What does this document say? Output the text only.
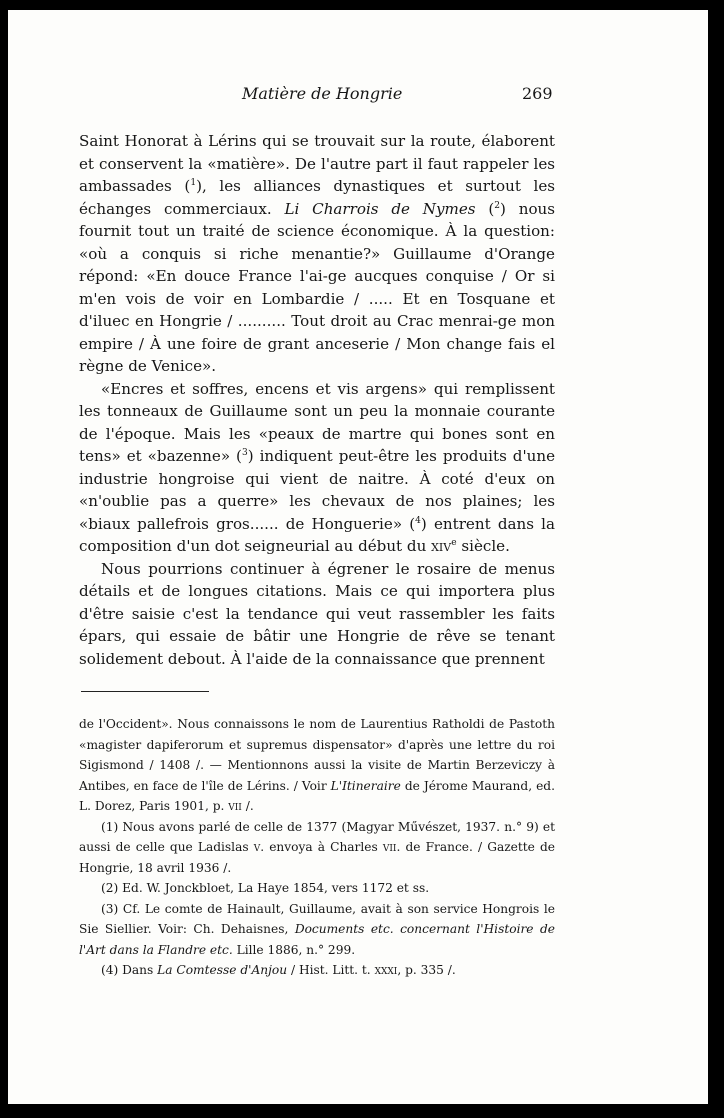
Matière de Hongrie	269

Saint Honorat à Lérins qui se trouvait sur la route, élaborent et conservent la «matière». De l'autre part il faut rappeler les ambassades ($^1$), les alliances dynastiques et surtout les échanges commerciaux. Li Charrois de Nymes ($^2$) nous fournit tout un traité de science économique. À la question: «où a conquis si riche menantie?» Guillaume d'Orange répond: «En douce France l'ai-ge aucques conquise / Or si m'en vois de voir en Lombardie / ..... Et en Tosquane et d'iluec en Hongrie / .......... Tout droit au Crac menrai-ge mon empire / À une foire de grant anceserie / Mon change fais el règne de Venice».

«Encres et soffres, encens et vis argens» qui remplissent les tonneaux de Guillaume sont un peu la monnaie courante de l'époque. Mais les «peaux de martre qui bones sont en tens» et «bazenne» ($^3$) indiquent peut-être les produits d'une industrie hongroise qui vient de naitre. À coté d'eux on «n'oublie pas a querre» les chevaux de nos plaines; les «biaux pallefrois gros...... de Honguerie» ($^4$) entrent dans la composition d'un dot seigneurial au début du xiv$^e$ siècle.

Nous pourrions continuer à égrener le rosaire de menus détails et de longues citations. Mais ce qui importera plus d'être saisie c'est la tendance qui veut rassembler les faits épars, qui essaie de bâtir une Hongrie de rêve se tenant solidement debout. À l'aide de la connaissance que prennent

de l'Occident». Nous connaissons le nom de Laurentius Ratholdi de Pastoth «magister dapiferorum et supremus dispensator» d'après une lettre du roi Sigismond / 1408 /. — Mentionnons aussi la visite de Martin Berzeviczy à Antibes, en face de l'île de Lérins. / Voir L'Itineraire de Jérome Maurand, ed. L. Dorez, Paris 1901, p. vii /.

(1) Nous avons parlé de celle de 1377 (Magyar Művészet, 1937. n.° 9) et aussi de celle que Ladislas v. envoya à Charles vii. de France. / Gazette de Hongrie, 18 avril 1936 /.

(2) Ed. W. Jonckbloet, La Haye 1854, vers 1172 et ss.

(3) Cf. Le comte de Hainault, Guillaume, avait à son service Hongrois le Sie Siellier. Voir: Ch. Dehaisnes, Documents etc. concernant l'Histoire de l'Art dans la Flandre etc. Lille 1886, n.° 299.

(4) Dans La Comtesse d'Anjou / Hist. Litt. t. xxxi, p. 335 /.
